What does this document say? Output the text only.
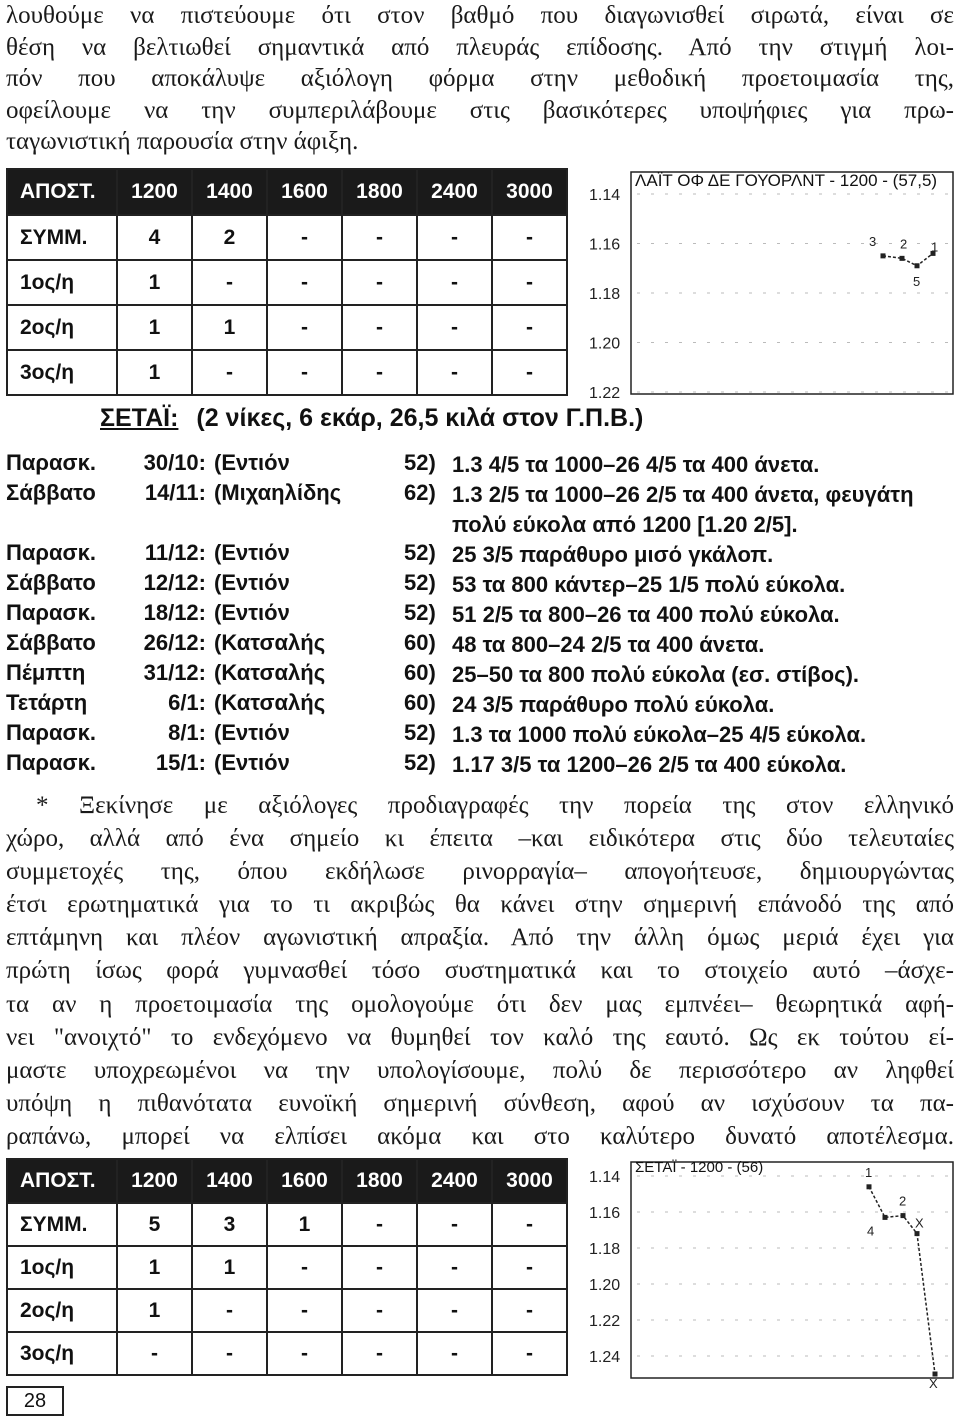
λουθούμε να πιστεύουμε ότι στον βαθμό που διαγωνισθεί σιρωτά, είναι σε
θέση να βελτιωθεί σημαντικά από πλευράς επίδοσης. Από την στιγμή λοι-
πόν που αποκάλυψε αξιόλογη φόρμα στην μεθοδική προετοιμασία της,
οφείλουμε να την συμπεριλάβουμε στις βασικότερες υποψήφιες για πρω-
ταγωνιστική παρουσία στην άφιξη.
ΑΠΟΣΤ.	1200	1400	1600	1800	2400	3000
ΣΥΜΜ.	4	2	-	-	-	-
1ος/η	1	-	-	-	-	-
2ος/η	1	1	-	-	-	-
3ος/η	1	-	-	-	-	-
1.14
1.16
1.18
1.20
1.22
ΛΑΪΤ ΟΦ ΔΕ ΓΟΥΟΡΛΝΤ - 1200 - (57,5)
3 2
5
1
ΣΕΤΑΪ: (2 νίκες, 6 εκάρ, 26,5 κιλά στον Γ.Π.Β.)
Παρασκ.	30/10: (Εντιόν	52) 1.3 4/5 τα 1000–26 4/5 τα 400 άνετα.
Σάββατο	14/11: (Μιχαηλίδης	62) 1.3 2/5 τα 1000–26 2/5 τα 400 άνετα, φευγάτη πολύ εύκολα από 1200 [1.20 2/5].
Παρασκ.	11/12: (Εντιόν	52) 25 3/5 παράθυρο μισό γκάλοπ.
Σάββατο	12/12: (Εντιόν	52) 53 τα 800 κάντερ–25 1/5 πολύ εύκολα.
Παρασκ.	18/12: (Εντιόν	52) 51 2/5 τα 800–26 τα 400 πολύ εύκολα.
Σάββατο	26/12: (Κατσαλής	60) 48 τα 800–24 2/5 τα 400 άνετα.
Πέμπτη	31/12: (Κατσαλής	60) 25–50 τα 800 πολύ εύκολα (εσ. στίβος).
Τετάρτη	6/1: (Κατσαλής	60) 24 3/5 παράθυρο πολύ εύκολα.
Παρασκ.	8/1: (Εντιόν	52) 1.3 τα 1000 πολύ εύκολα–25 4/5 εύκολα.
Παρασκ.	15/1: (Εντιόν	52) 1.17 3/5 τα 1200–26 2/5 τα 400 εύκολα.
* Ξεκίνησε με αξιόλογες προδιαγραφές την πορεία της στον ελληνικό
χώρο, αλλά από ένα σημείο κι έπειτα –και ειδικότερα στις δύο τελευταίες
συμμετοχές της, όπου εκδήλωσε ρινορραγία– απογοήτευσε, δημιουργώντας
έτσι ερωτηματικά για το τι ακριβώς θα κάνει στην σημερινή επάνοδό της από
επτάμηνη και πλέον αγωνιστική απραξία. Από την άλλη όμως μεριά έχει για
πρώτη ίσως φορά γυμνασθεί τόσο συστηματικά και το στοιχείο αυτό –άσχε-
τα αν η προετοιμασία της ομολογούμε ότι δεν μας εμπνέει– θεωρητικά αφή-
νει "ανοιχτό" το ενδεχόμενο να θυμηθεί τον καλό της εαυτό. Ως εκ τούτου εί-
μαστε υποχρεωμένοι να την υπολογίσουμε, πολύ δε περισσότερο αν ληφθεί
υπόψη η πιθανότατα ευνοϊκή σημερινή σύνθεση, αφού αν ισχύσουν τα πα-
ραπάνω, μπορεί να ελπίσει ακόμα και στο καλύτερο δυνατό αποτέλεσμα.
ΑΠΟΣΤ.	1200	1400	1600	1800	2400	3000
ΣΥΜΜ.	5	3	1	-	-	-
1ος/η	1	1	-	-	-	-
2ος/η	1	-	-	-	-	-
3ος/η	-	-	-	-	-	-
1.14
1.16
1.18
1.20
1.22
1.24
ΣΕΤΑΪ - 1200 - (56)	1
4
2
X
X
28
